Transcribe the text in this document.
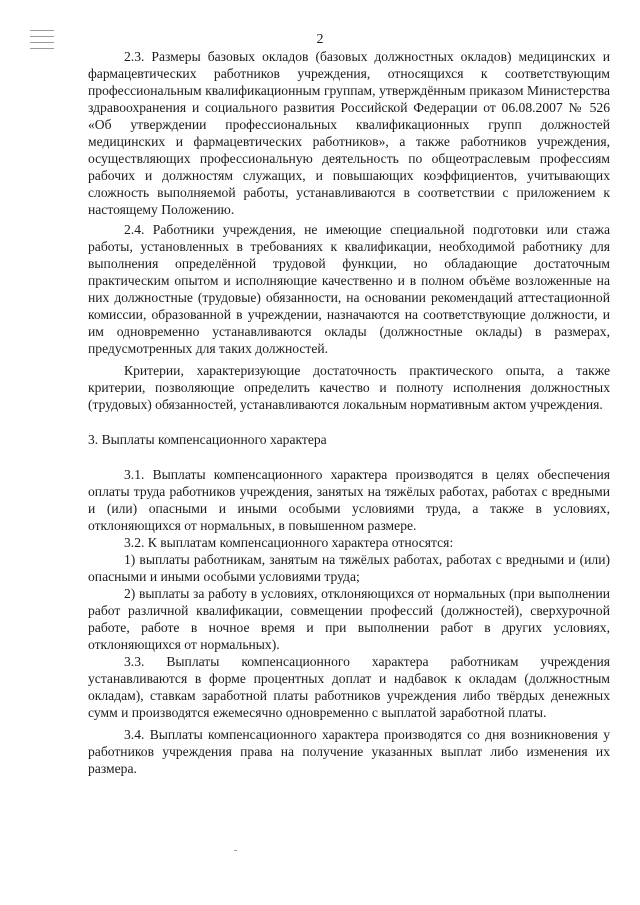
2

2.3. Размеры базовых окладов (базовых должностных окладов) медицинских и фармацевтических работников учреждения, относящихся к соответствующим профессиональным квалификационным группам, утверждённым приказом Министерства здравоохранения и социального развития Российской Федерации от 06.08.2007 № 526 «Об утверждении профессиональных квалификационных групп должностей медицинских и фармацевтических работников», а также работников учреждения, осуществляющих профессиональную деятельность по общеотраслевым профессиям рабочих и должностям служащих, и повышающих коэффициентов, учитывающих сложность выполняемой работы, устанавливаются в соответствии с приложением к настоящему Положению.

2.4. Работники учреждения, не имеющие специальной подготовки или стажа работы, установленных в требованиях к квалификации, необходимой работнику для выполнения определённой трудовой функции, но обладающие достаточным практическим опытом и исполняющие качественно и в полном объёме возложенные на них должностные (трудовые) обязанности, на основании рекомендаций аттестационной комиссии, образованной в учреждении, назначаются на соответствующие должности, и им одновременно устанавливаются оклады (должностные оклады) в размерах, предусмотренных для таких должностей.

Критерии, характеризующие достаточность практического опыта, а также критерии, позволяющие определить качество и полноту исполнения должностных (трудовых) обязанностей, устанавливаются локальным нормативным актом учреждения.

3. Выплаты компенсационного характера

3.1. Выплаты компенсационного характера производятся в целях обеспечения оплаты труда работников учреждения, занятых на тяжёлых работах, работах с вредными и (или) опасными и иными особыми условиями труда, а также в условиях, отклоняющихся от нормальных, в повышенном размере.

3.2. К выплатам компенсационного характера относятся:

1) выплаты работникам, занятым на тяжёлых работах, работах с вредными и (или) опасными и иными особыми условиями труда;

2) выплаты за работу в условиях, отклоняющихся от нормальных (при выполнении работ различной квалификации, совмещении профессий (должностей), сверхурочной работе, работе в ночное время и при выполнении работ в других условиях, отклоняющихся от нормальных).

3.3. Выплаты компенсационного характера работникам учреждения устанавливаются в форме процентных доплат и надбавок к окладам (должностным окладам), ставкам заработной платы работников учреждения либо твёрдых денежных сумм и производятся ежемесячно одновременно с выплатой заработной платы.

3.4. Выплаты компенсационного характера производятся со дня возникновения у работников учреждения права на получение указанных выплат либо изменения их размера.
